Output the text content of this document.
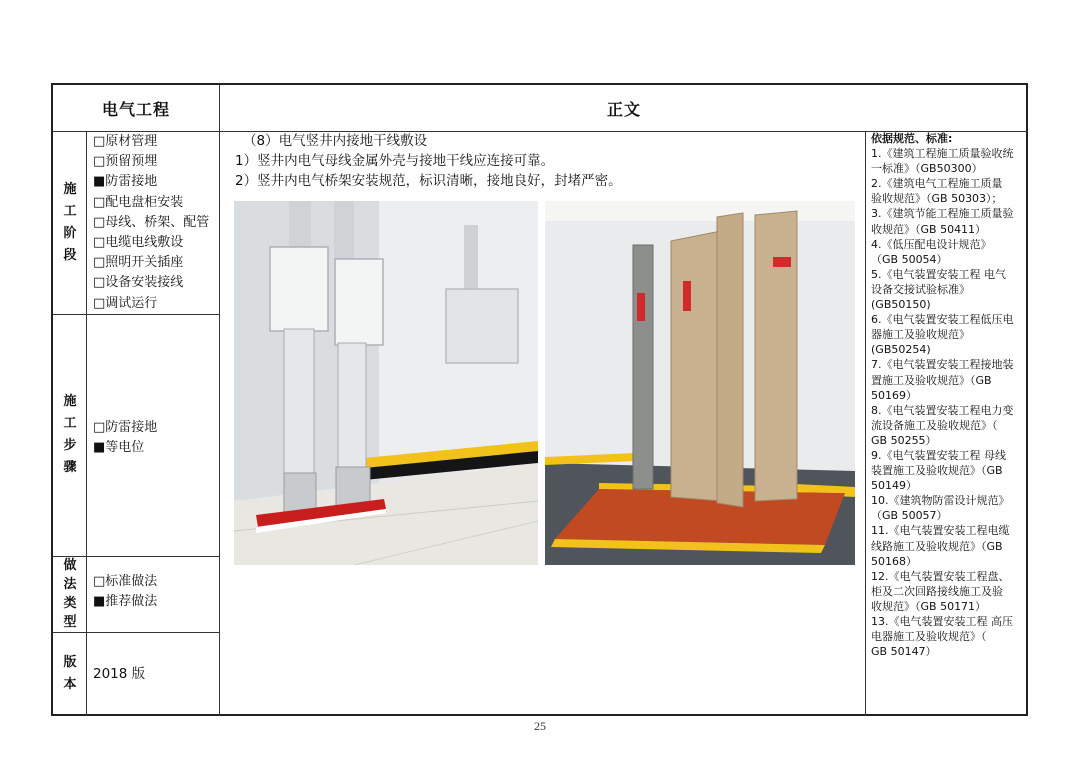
电气工程	正文
施
工
阶
段
□原材管理
□预留预埋
■防雷接地
□配电盘柜安装
□母线、桥架、配管
□电缆电线敷设
□照明开关插座
□设备安装接线
□调试运行
施
工
步
骤
□防雷接地
■等电位
做
法
类
型
□标准做法
■推荐做法
版
本
2018 版
（8）电气竖井内接地干线敷设
1）竖井内电气母线金属外壳与接地干线应连接可靠。
2）竖井内电气桥架安装规范，标识清晰，接地良好，封堵严密。
依据规范、标准:
1.《建筑工程施工质量验收统
一标准》（GB50300）
2.《建筑电气工程施工质量
验收规范》（GB 50303）；
3.《建筑节能工程施工质量验
收规范》（GB 50411）
4.《低压配电设计规范》
（GB 50054）
5.《电气装置安装工程 电气
设备交接试验标准》
(GB50150)
6.《电气装置安装工程低压电
器施工及验收规范》
(GB50254)
7.《电气装置安装工程接地装
置施工及验收规范》（GB
50169）
8.《电气装置安装工程电力变
流设备施工及验收规范》（
GB 50255）
9.《电气装置安装工程 母线
装置施工及验收规范》（GB
50149）
10.《建筑物防雷设计规范》
（GB 50057）
11.《电气装置安装工程电缆
线路施工及验收规范》（GB
50168）
12.《电气装置安装工程盘、
柜及二次回路接线施工及验
收规范》（GB 50171）
13.《电气装置安装工程 高压
电器施工及验收规范》（
GB 50147）
25
